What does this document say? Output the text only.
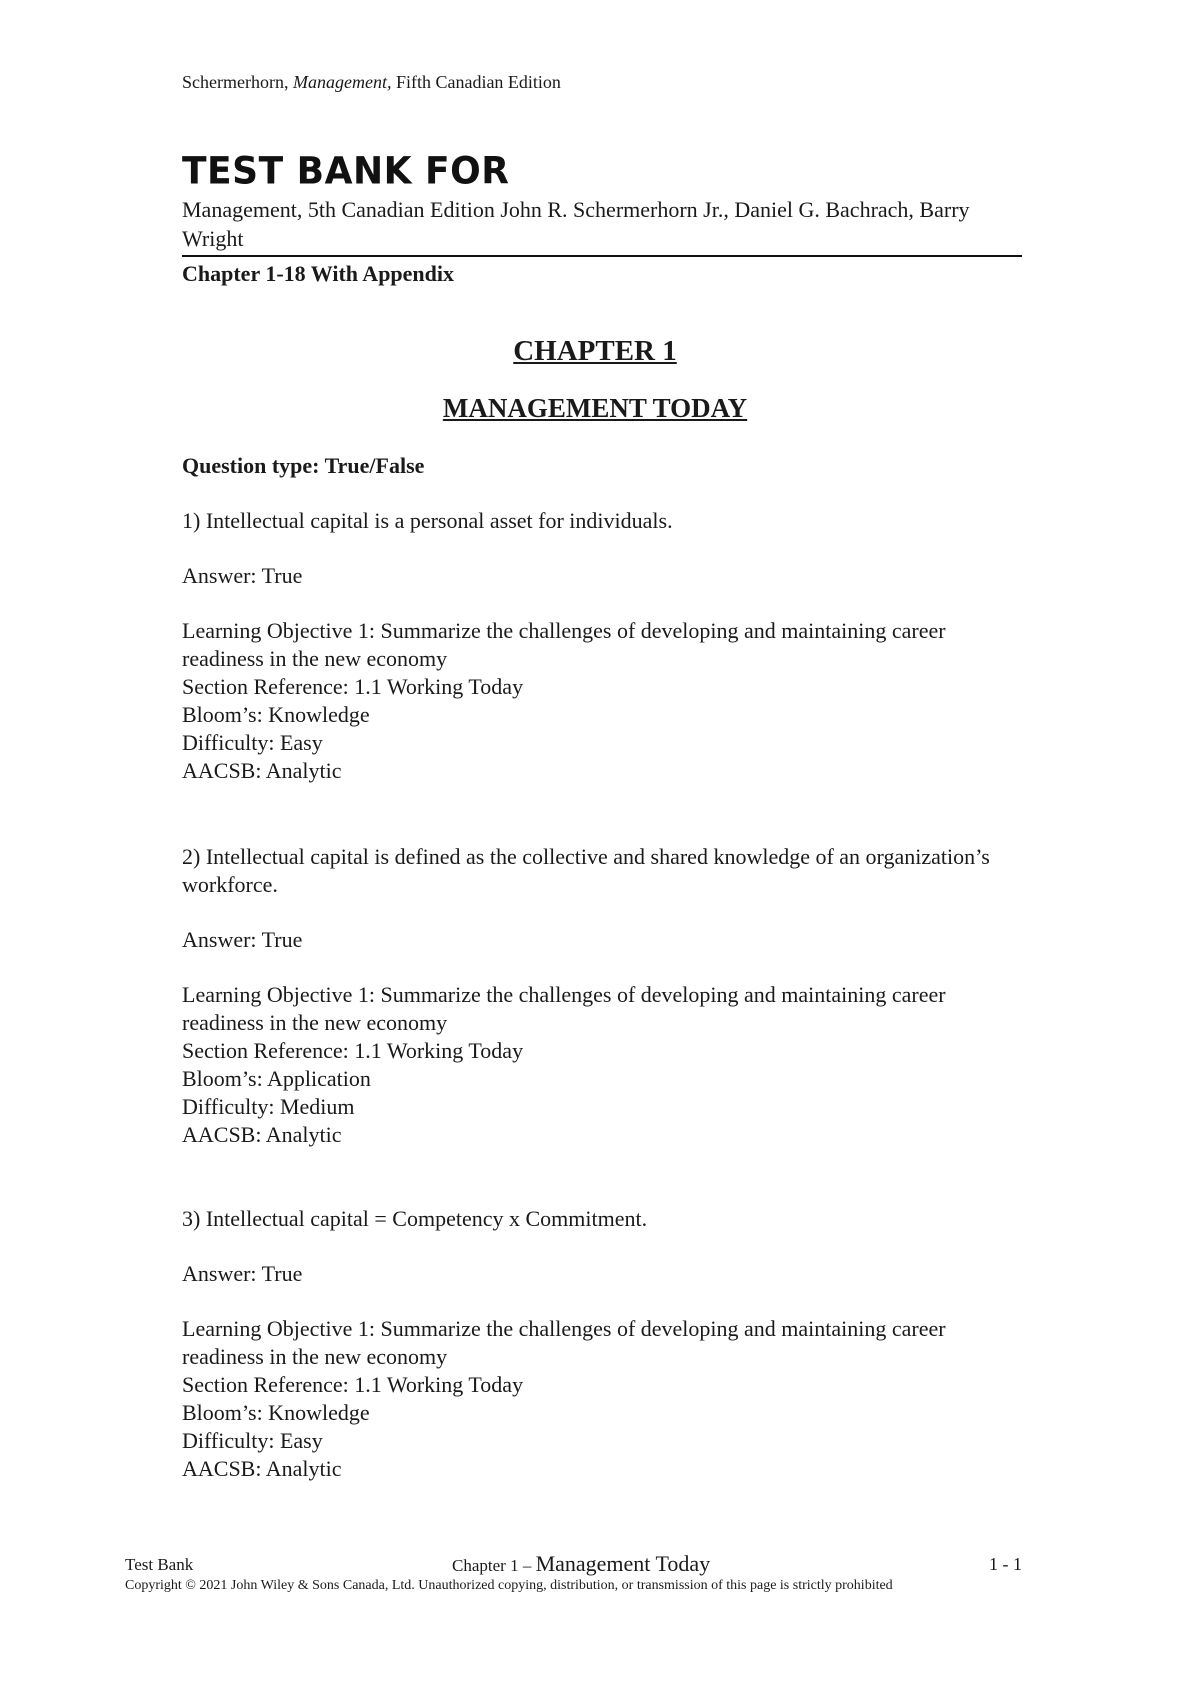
Schermerhorn, Management, Fifth Canadian Edition
TEST BANK FOR
Management, 5th Canadian Edition John R. Schermerhorn Jr., Daniel G. Bachrach, Barry Wright
Chapter 1-18 With Appendix
CHAPTER 1
MANAGEMENT TODAY
Question type: True/False

1) Intellectual capital is a personal asset for individuals.

Answer: True

Learning Objective 1: Summarize the challenges of developing and maintaining career readiness in the new economy

Section Reference: 1.1 Working Today

Bloom’s: Knowledge

Difficulty: Easy

AACSB: Analytic

2) Intellectual capital is defined as the collective and shared knowledge of an organization’s workforce.

Answer: True

Learning Objective 1: Summarize the challenges of developing and maintaining career readiness in the new economy

Section Reference: 1.1 Working Today

Bloom’s: Application

Difficulty: Medium

AACSB: Analytic

3) Intellectual capital = Competency x Commitment.

Answer: True

Learning Objective 1: Summarize the challenges of developing and maintaining career readiness in the new economy

Section Reference: 1.1 Working Today

Bloom’s: Knowledge

Difficulty: Easy

AACSB: Analytic

Test Bank	Chapter 1 – Management Today	1 - 1
Copyright © 2021 John Wiley & Sons Canada, Ltd. Unauthorized copying, distribution, or transmission of this page is strictly prohibited
